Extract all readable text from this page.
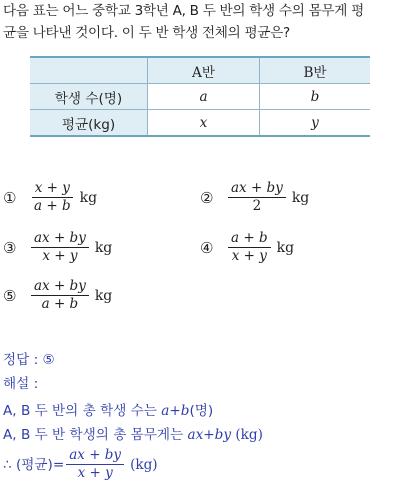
다음 표는 어느 중학교 3학년 A, B 두 반의 학생 수의 몸무게 평
균을 나타낸 것이다. 이 두 반 학생 전체의 평균은?
	A반	B반
학생 수(명)	a	b
평균(kg)	x	y
①	$\frac{x + y}{a + b}$ kg	②	$\frac{ax + by}{2}$ kg
③	$\frac{ax + by}{x + y}$ kg	④	$\frac{a + b}{x + y}$ kg
⑤	$\frac{ax + by}{a + b}$ kg
정답 : ⑤
해설 :
A, B 두 반의 총 학생 수는 a+b(명)
A, B 두 반 학생의 총 몸무게는 ax+by (kg)
∴ (평균)= $\frac{ax + by}{x + y} (kg)$
